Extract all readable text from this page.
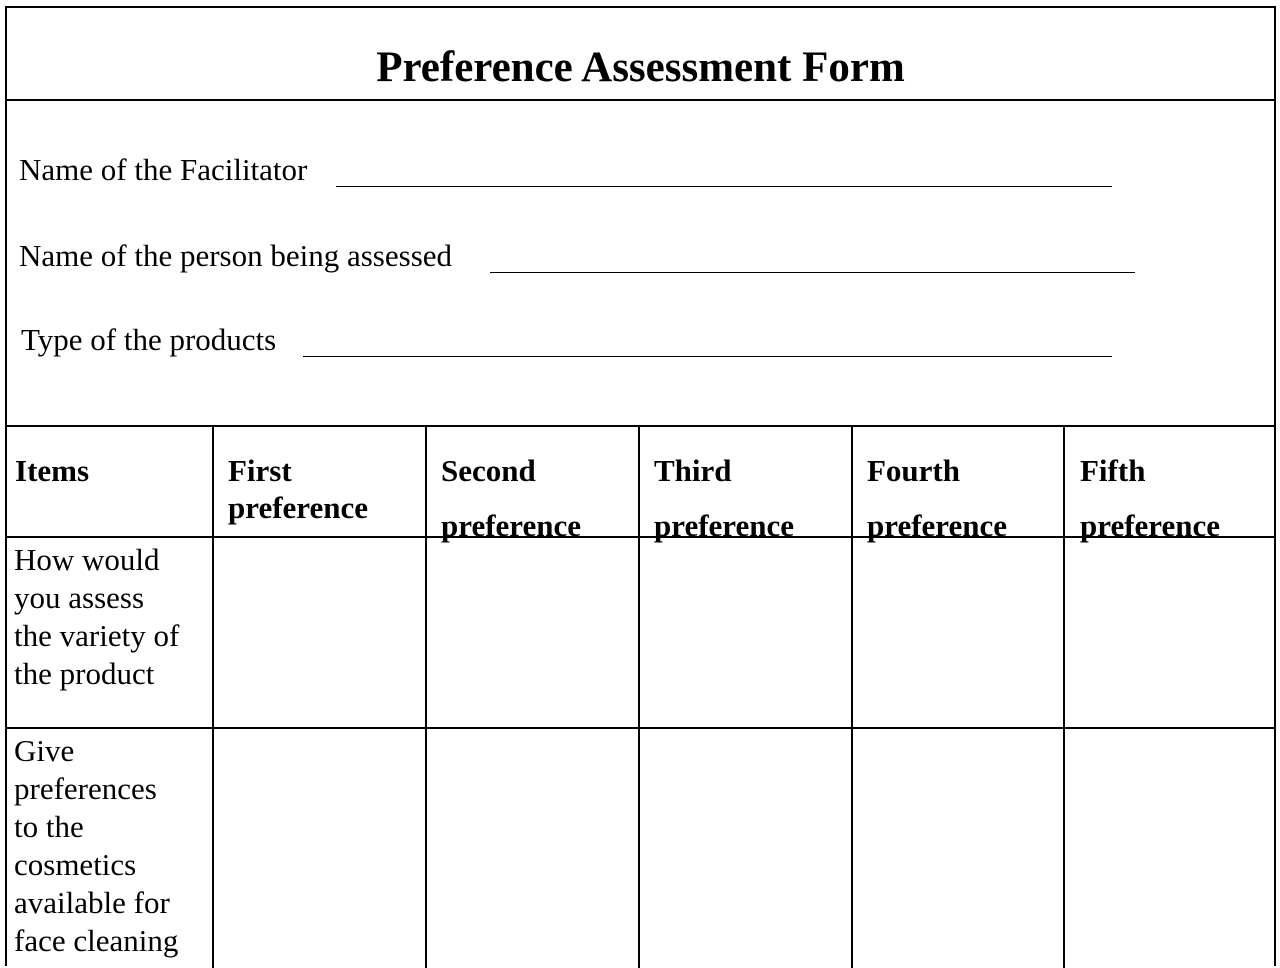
Preference Assessment Form
Name of the Facilitator
Name of the person being assessed
Type of the products
Items	First
preference
Second
preference
Third
preference
Fourth
preference
Fifth
preference
How would
you assess
the variety of
the product
Give
preferences
to the
cosmetics
available for
face cleaning
